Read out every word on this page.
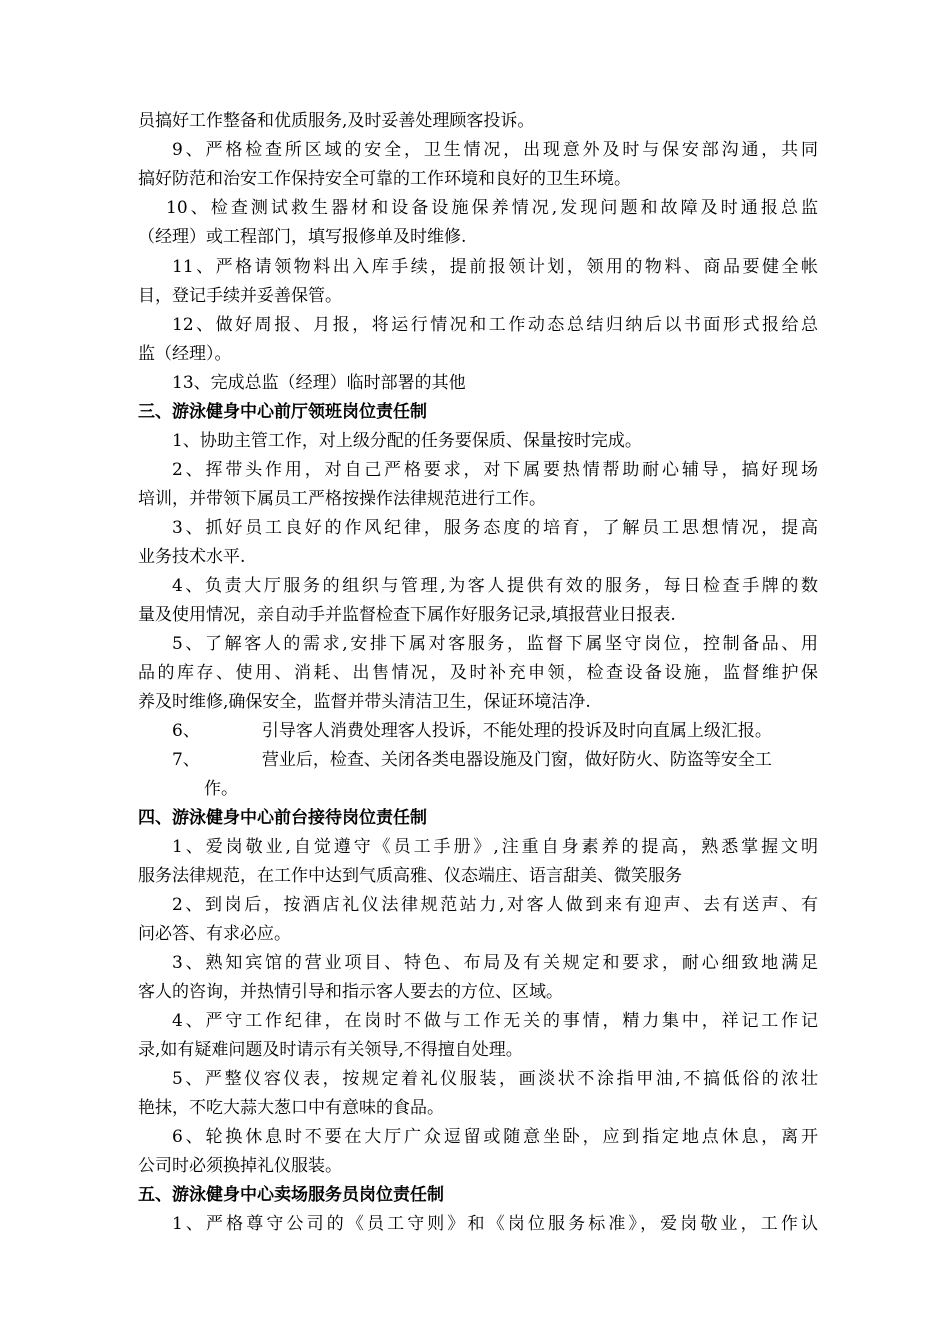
员搞好工作整备和优质服务,及时妥善处理顾客投诉。
9、严格检查所区域的安全，卫生情况，出现意外及时与保安部沟通，共同
搞好防范和治安工作保持安全可靠的工作环境和良好的卫生环境。
10、检查测试救生器材和设备设施保养情况,发现问题和故障及时通报总监
（经理）或工程部门，填写报修单及时维修.
11、严格请领物料出入库手续，提前报领计划，领用的物料、商品要健全帐
目，登记手续并妥善保管。
12、做好周报、月报，将运行情况和工作动态总结归纳后以书面形式报给总
监（经理）。
13、完成总监（经理）临时部署的其他
三、游泳健身中心前厅领班岗位责任制
1、协助主管工作，对上级分配的任务要保质、保量按时完成。
2、挥带头作用，对自己严格要求，对下属要热情帮助耐心辅导，搞好现场
培训，并带领下属员工严格按操作法律规范进行工作。
3、抓好员工良好的作风纪律，服务态度的培育，了解员工思想情况，提高
业务技术水平.
4、负责大厅服务的组织与管理,为客人提供有效的服务，每日检查手牌的数
量及使用情况，亲自动手并监督检查下属作好服务记录,填报营业日报表.
5、了解客人的需求,安排下属对客服务，监督下属坚守岗位，控制备品、用
品的库存、使用、消耗、出售情况，及时补充申领，检查设备设施，监督维护保
养及时维修,确保安全，监督并带头清洁卫生，保证环境洁净.
6、	引导客人消费处理客人投诉，不能处理的投诉及时向直属上级汇报。
7、	营业后，检查、关闭各类电器设施及门窗，做好防火、防盗等安全工
作。
四、游泳健身中心前台接待岗位责任制
1、爱岗敬业,自觉遵守《员工手册》,注重自身素养的提高，熟悉掌握文明
服务法律规范，在工作中达到气质高雅、仪态端庄、语言甜美、微笑服务
2、到岗后，按酒店礼仪法律规范站力,对客人做到来有迎声、去有送声、有
问必答、有求必应。
3、熟知宾馆的营业项目、特色、布局及有关规定和要求，耐心细致地满足
客人的咨询，并热情引导和指示客人要去的方位、区域。
4、严守工作纪律，在岗时不做与工作无关的事情，精力集中，祥记工作记
录,如有疑难问题及时请示有关领导,不得擅自处理。
5、严整仪容仪表，按规定着礼仪服装，画淡状不涂指甲油,不搞低俗的浓壮
艳抹，不吃大蒜大葱口中有意味的食品。
6、轮换休息时不要在大厅广众逗留或随意坐卧，应到指定地点休息，离开
公司时必须换掉礼仪服装。
五、游泳健身中心卖场服务员岗位责任制
1、严格尊守公司的《员工守则》和《岗位服务标准》，爱岗敬业，工作认
